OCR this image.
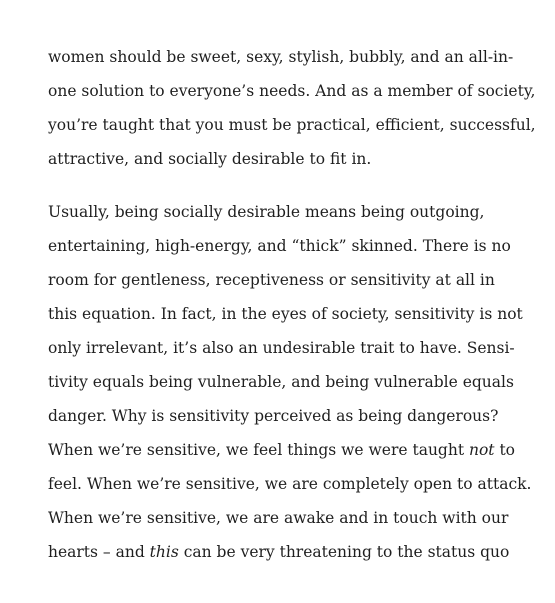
women should be sweet, sexy, stylish, bubbly, and an all-in-
one solution to everyone’s needs. And as a member of society,
you’re taught that you must be practical, efficient, successful,
attractive, and socially desirable to fit in.
Usually, being socially desirable means being outgoing,
entertaining, high-energy, and “thick” skinned. There is no
room for gentleness, receptiveness or sensitivity at all in
this equation. In fact, in the eyes of society, sensitivity is not
only irrelevant, it’s also an undesirable trait to have. Sensi-
tivity equals being vulnerable, and being vulnerable equals
danger. Why is sensitivity perceived as being dangerous?
When we’re sensitive, we feel things we were taught not to
feel. When we’re sensitive, we are completely open to attack.
When we’re sensitive, we are awake and in touch with our
hearts – and this can be very threatening to the status quo
